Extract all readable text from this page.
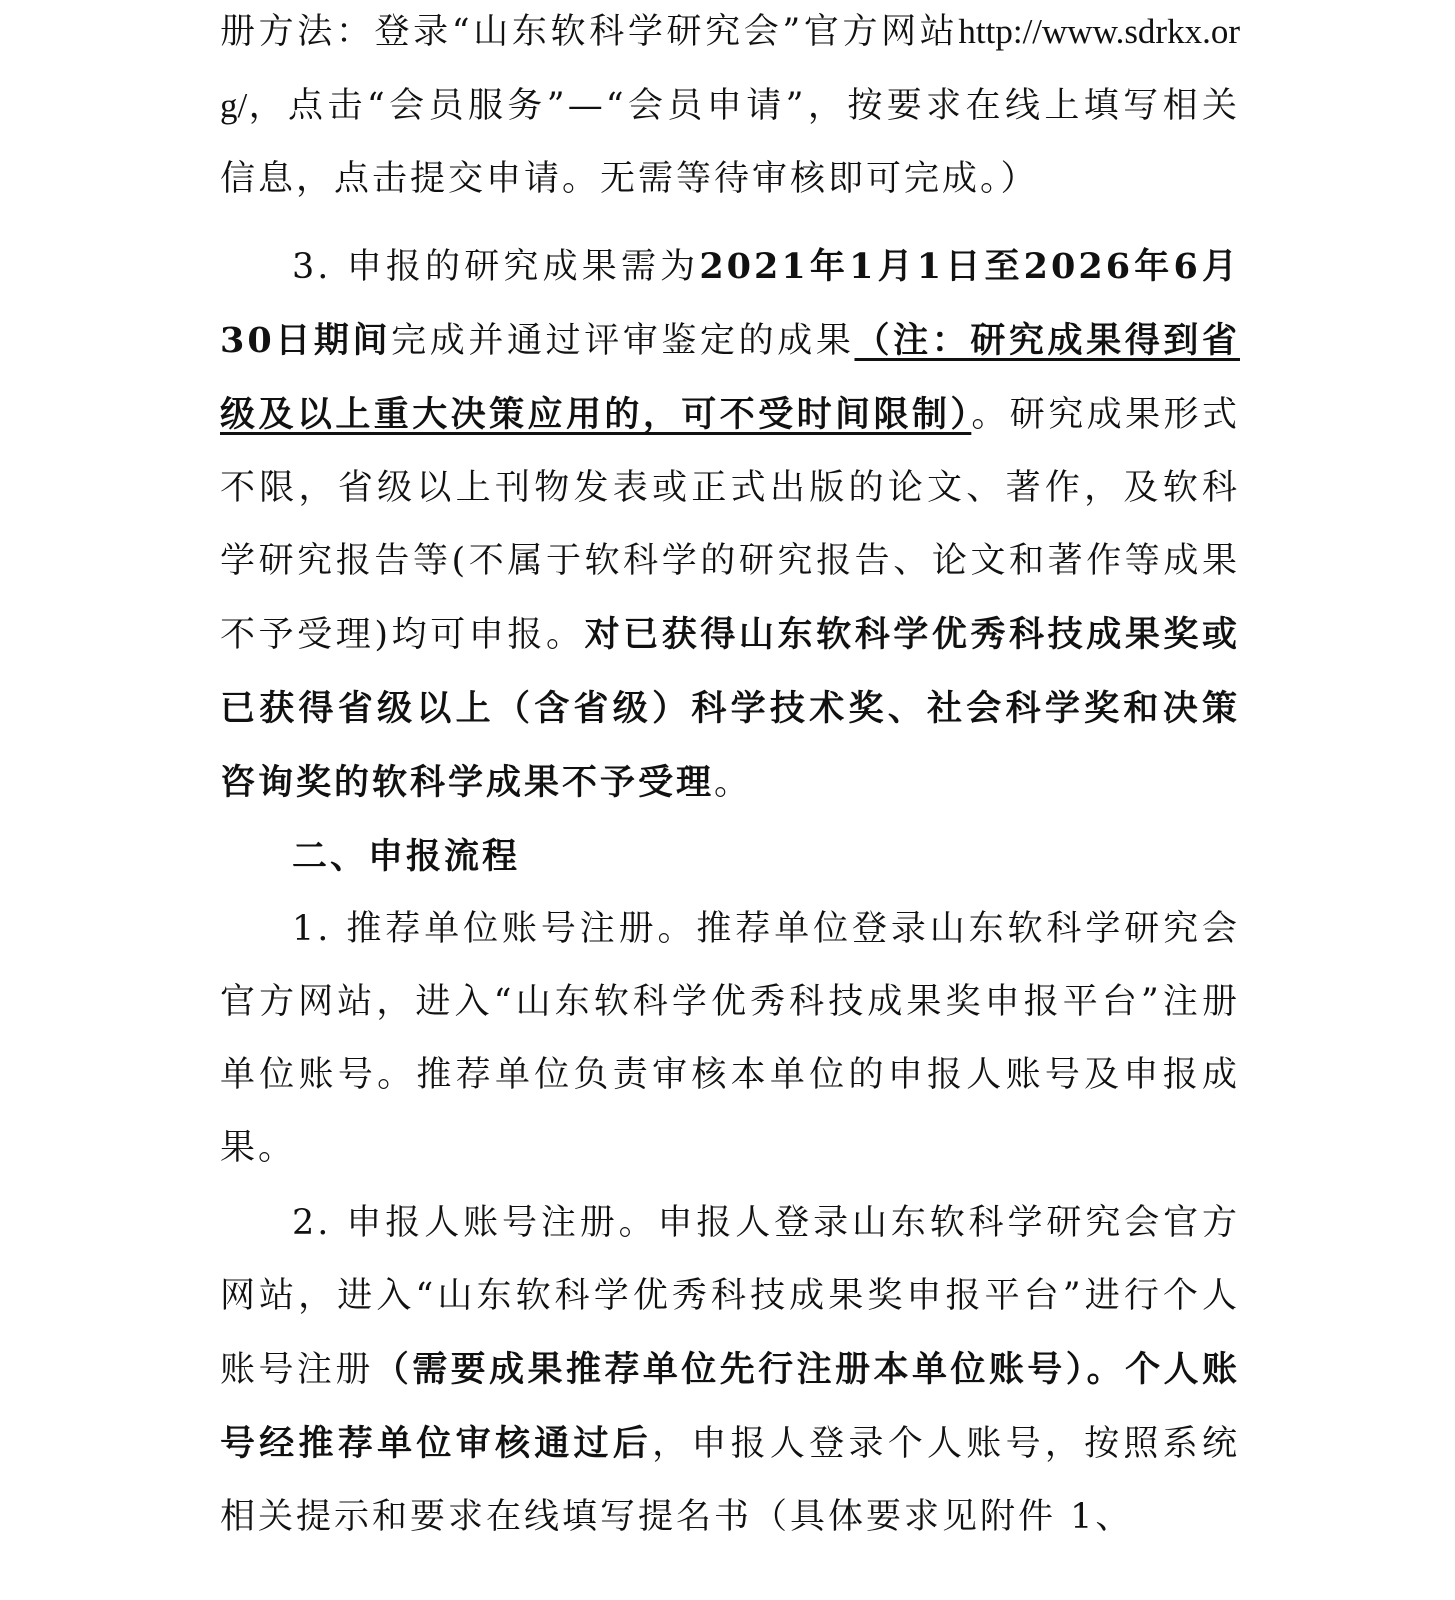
册方法：登录“山东软科学研究会”官方网站http://www.sdrkx.org/，点击“会员服务”—“会员申请”，按要求在线上填写相关信息，点击提交申请。无需等待审核即可完成。）

3. 申报的研究成果需为2021年1月1日至2026年6月30日期间完成并通过评审鉴定的成果（注：研究成果得到省级及以上重大决策应用的，可不受时间限制）。研究成果形式不限，省级以上刊物发表或正式出版的论文、著作，及软科学研究报告等(不属于软科学的研究报告、论文和著作等成果不予受理)均可申报。对已获得山东软科学优秀科技成果奖或已获得省级以上（含省级）科学技术奖、社会科学奖和决策咨询奖的软科学成果不予受理。

二、申报流程

1. 推荐单位账号注册。推荐单位登录山东软科学研究会官方网站，进入“山东软科学优秀科技成果奖申报平台”注册单位账号。推荐单位负责审核本单位的申报人账号及申报成果。

2. 申报人账号注册。申报人登录山东软科学研究会官方网站，进入“山东软科学优秀科技成果奖申报平台”进行个人账号注册（需要成果推荐单位先行注册本单位账号）。个人账号经推荐单位审核通过后，申报人登录个人账号，按照系统相关提示和要求在线填写提名书（具体要求见附件 1、
